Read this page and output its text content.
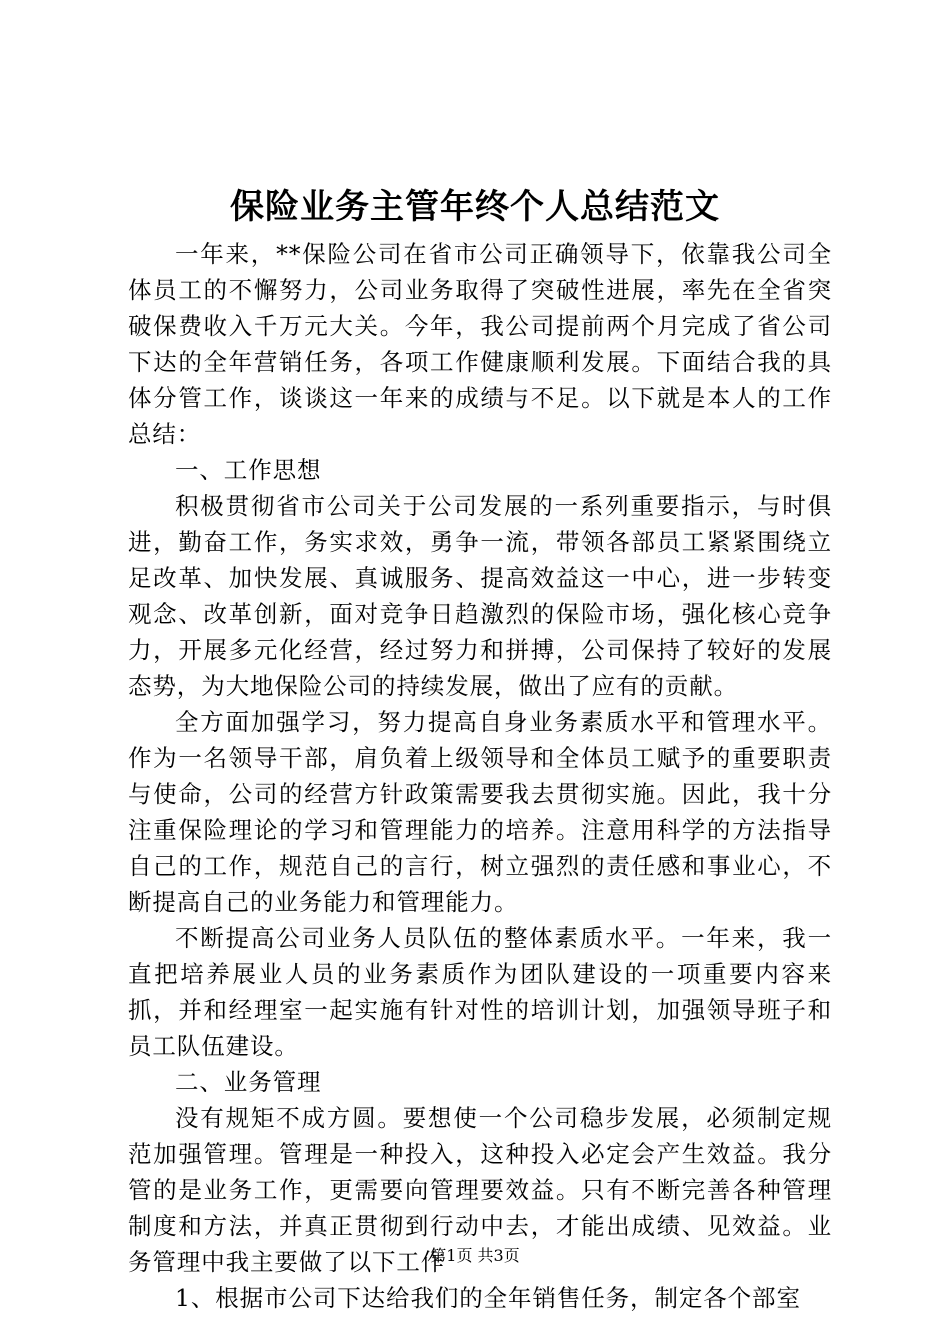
保险业务主管年终个人总结范文

一年来，**保险公司在省市公司正确领导下，依靠我公司全体员工的不懈努力，公司业务取得了突破性进展，率先在全省突破保费收入千万元大关。今年，我公司提前两个月完成了省公司下达的全年营销任务，各项工作健康顺利发展。下面结合我的具体分管工作，谈谈这一年来的成绩与不足。以下就是本人的工作总结：

一、工作思想

积极贯彻省市公司关于公司发展的一系列重要指示，与时俱进，勤奋工作，务实求效，勇争一流，带领各部员工紧紧围绕立足改革、加快发展、真诚服务、提高效益这一中心，进一步转变观念、改革创新，面对竞争日趋激烈的保险市场，强化核心竞争力，开展多元化经营，经过努力和拼搏，公司保持了较好的发展态势，为大地保险公司的持续发展，做出了应有的贡献。

全方面加强学习，努力提高自身业务素质水平和管理水平。作为一名领导干部，肩负着上级领导和全体员工赋予的重要职责与使命，公司的经营方针政策需要我去贯彻实施。因此，我十分注重保险理论的学习和管理能力的培养。注意用科学的方法指导自己的工作，规范自己的言行，树立强烈的责任感和事业心，不断提高自己的业务能力和管理能力。

不断提高公司业务人员队伍的整体素质水平。一年来，我一直把培养展业人员的业务素质作为团队建设的一项重要内容来抓，并和经理室一起实施有针对性的培训计划，加强领导班子和员工队伍建设。

二、业务管理

没有规矩不成方圆。要想使一个公司稳步发展，必须制定规范加强管理。管理是一种投入，这种投入必定会产生效益。我分管的是业务工作，更需要向管理要效益。只有不断完善各种管理制度和方法，并真正贯彻到行动中去，才能出成绩、见效益。业务管理中我主要做了以下工作

1、根据市公司下达给我们的全年销售任务，制定各个部室

第1页 共3页
